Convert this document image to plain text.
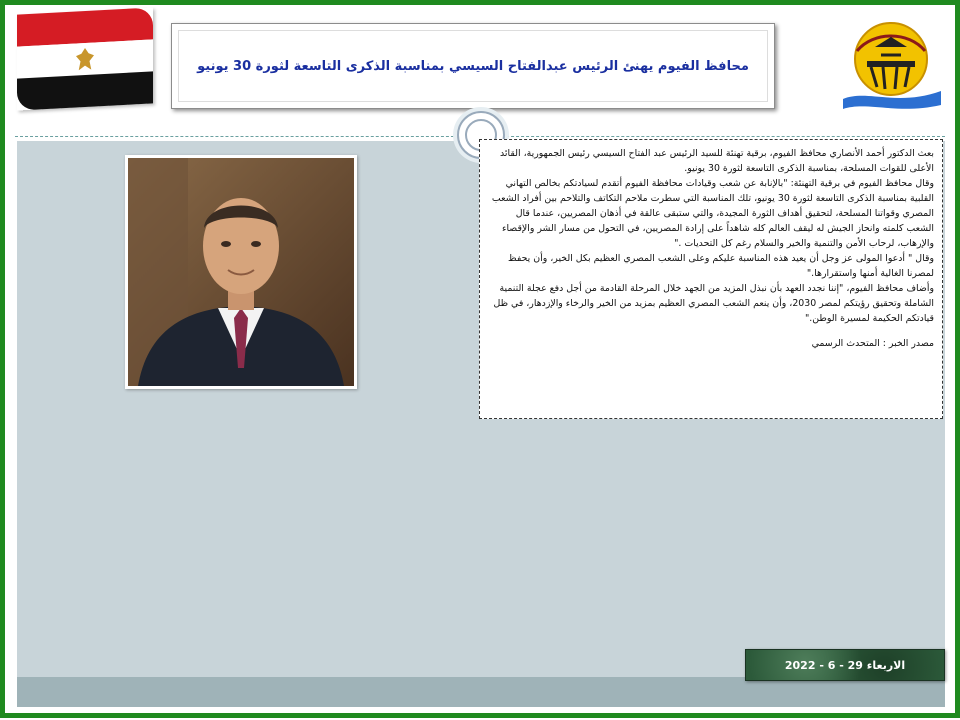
محافظ الفيوم يهنئ الرئيس عبدالفتاح السيسي بمناسبة الذكرى التاسعة لثورة 30 يونيو

بعث الدكتور أحمد الأنصاري محافظ الفيوم، برقية تهنئة للسيد الرئيس عبد الفتاح السيسي رئيس الجمهورية، القائد الأعلى للقوات المسلحة، بمناسبة الذكرى التاسعة لثورة 30 يونيو.

وقال محافظ الفيوم في برقية التهنئة: "بالإنابة عن شعب وقيادات محافظة الفيوم أتقدم لسيادتكم بخالص التهاني القلبية بمناسبة الذكرى التاسعة لثورة 30 يونيو، تلك المناسبة التي سطرت ملاحم التكاتف والتلاحم بين أفراد الشعب المصري وقواتنا المسلحة، لتحقيق أهداف الثورة المجيدة، والتي ستبقى عالقة في أذهان المصريين، عندما قال الشعب كلمته وانحاز الجيش له ليقف العالم كله شاهداً على إرادة المصريين، في التحول من مسار الشر والإقصاء والإرهاب، لرحاب الأمن والتنمية والخير والسلام رغم كل التحديات ."

وقال " أدعوا المولى عز وجل أن يعيد هذه المناسبة عليكم وعلى الشعب المصري العظيم بكل الخير، وأن يحفظ لمصرنا الغالية أمنها واستقرارها."

وأضاف محافظ الفيوم، "إننا نجدد العهد بأن نبذل المزيد من الجهد خلال المرحلة القادمة من أجل دفع عجلة التنمية الشاملة وتحقيق رؤيتكم لمصر 2030، وأن ينعم الشعب المصري العظيم بمزيد من الخير والرخاء والإزدهار، في ظل قيادتكم الحكيمة لمسيرة الوطن."

مصدر الخبر : المتحدث الرسمي

الاربعاء 29 - 6 - 2022
